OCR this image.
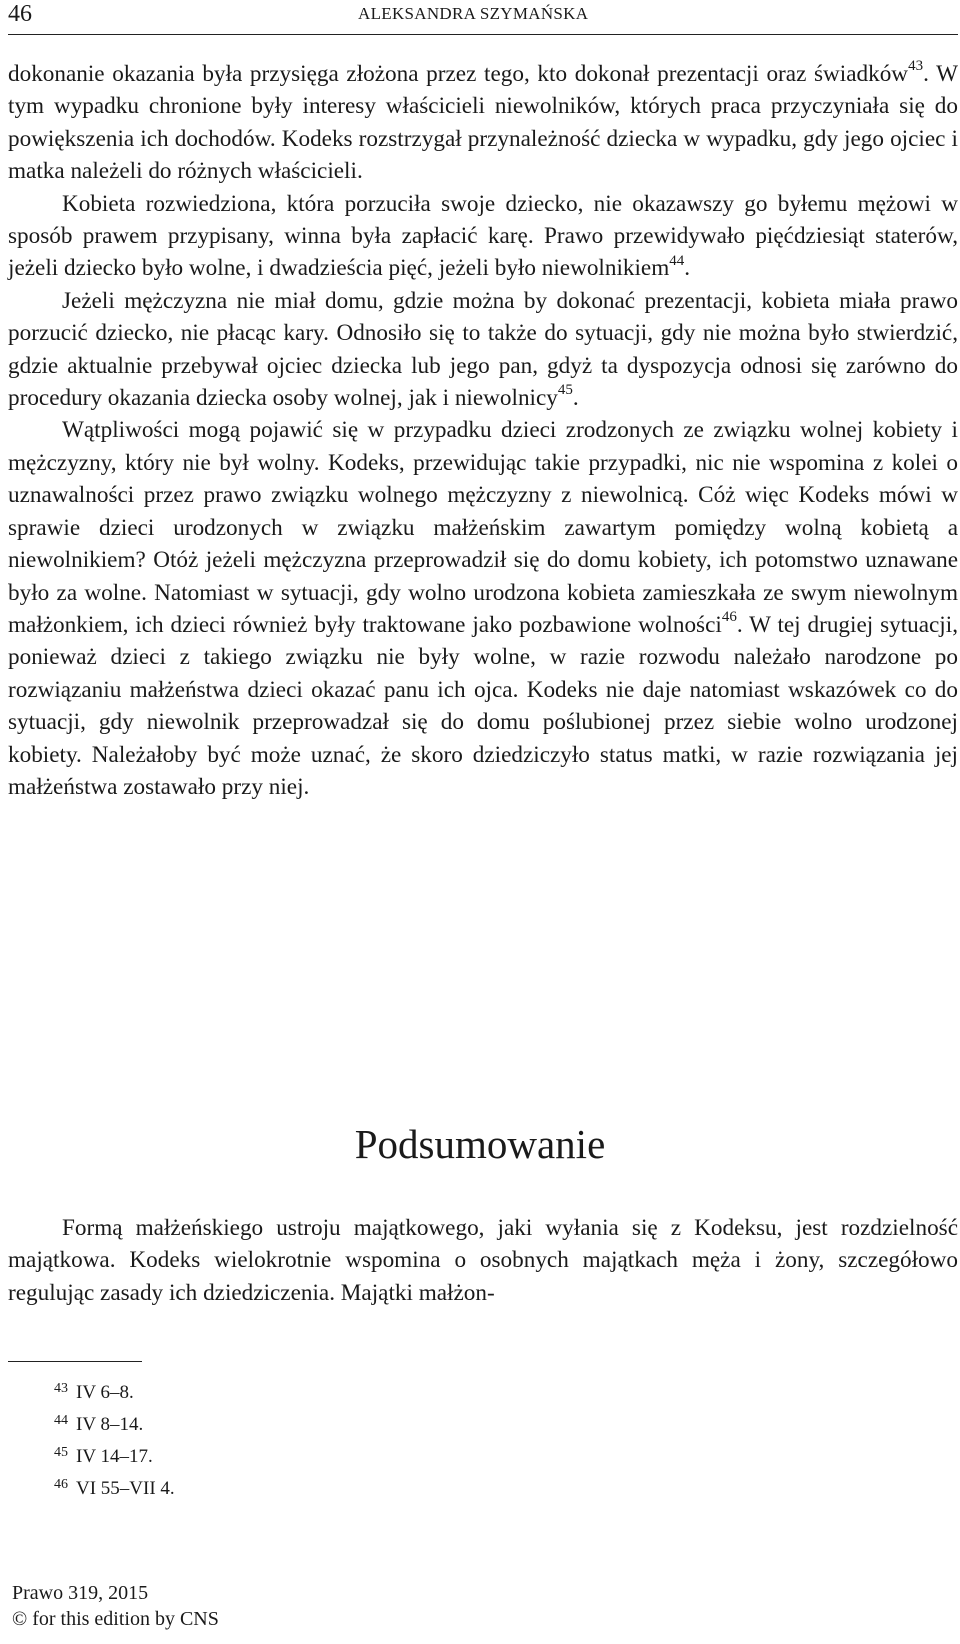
46	ALEKSANDRA SZYMAŃSKA

dokonanie okazania była przysięga złożona przez tego, kto dokonał prezentacji oraz świadków$^{43}$. W tym wypadku chronione były interesy właścicieli niewolników, których praca przyczyniała się do powiększenia ich dochodów. Kodeks rozstrzygał przynależność dziecka w wypadku, gdy jego ojciec i matka należeli do różnych właścicieli.

Kobieta rozwiedziona, która porzuciła swoje dziecko, nie okazawszy go byłemu mężowi w sposób prawem przypisany, winna była zapłacić karę. Prawo przewidywało pięćdziesiąt staterów, jeżeli dziecko było wolne, i dwadzieścia pięć, jeżeli było niewolnikiem$^{44}$.

Jeżeli mężczyzna nie miał domu, gdzie można by dokonać prezentacji, kobieta miała prawo porzucić dziecko, nie płacąc kary. Odnosiło się to także do sytuacji, gdy nie można było stwierdzić, gdzie aktualnie przebywał ojciec dziecka lub jego pan, gdyż ta dyspozycja odnosi się zarówno do procedury okazania dziecka osoby wolnej, jak i niewolnicy$^{45}$.

Wątpliwości mogą pojawić się w przypadku dzieci zrodzonych ze związku wolnej kobiety i mężczyzny, który nie był wolny. Kodeks, przewidując takie przypadki, nic nie wspomina z kolei o uznawalności przez prawo związku wolnego mężczyzny z niewolnicą. Cóż więc Kodeks mówi w sprawie dzieci urodzonych w związku małżeńskim zawartym pomiędzy wolną kobietą a niewolnikiem? Otóż jeżeli mężczyzna przeprowadził się do domu kobiety, ich potomstwo uznawane było za wolne. Natomiast w sytuacji, gdy wolno urodzona kobieta zamieszkała ze swym niewolnym małżonkiem, ich dzieci również były traktowane jako pozbawione wolności$^{46}$. W tej drugiej sytuacji, ponieważ dzieci z takiego związku nie były wolne, w razie rozwodu należało narodzone po rozwiązaniu małżeństwa dzieci okazać panu ich ojca. Kodeks nie daje natomiast wskazówek co do sytuacji, gdy niewolnik przeprowadzał się do domu poślubionej przez siebie wolno urodzonej kobiety. Należałoby być może uznać, że skoro dziedziczyło status matki, w razie rozwiązania jej małżeństwa zostawało przy niej.

Podsumowanie

Formą małżeńskiego ustroju majątkowego, jaki wyłania się z Kodeksu, jest rozdzielność majątkowa. Kodeks wielokrotnie wspomina o osobnych majątkach męża i żony, szczegółowo regulując zasady ich dziedziczenia. Majątki małżon-

$^{43}$ IV 6–8.
$^{44}$ IV 8–14.
$^{45}$ IV 14–17.
$^{46}$ VI 55–VII 4.
Prawo 319, 2015
© for this edition by CNS
